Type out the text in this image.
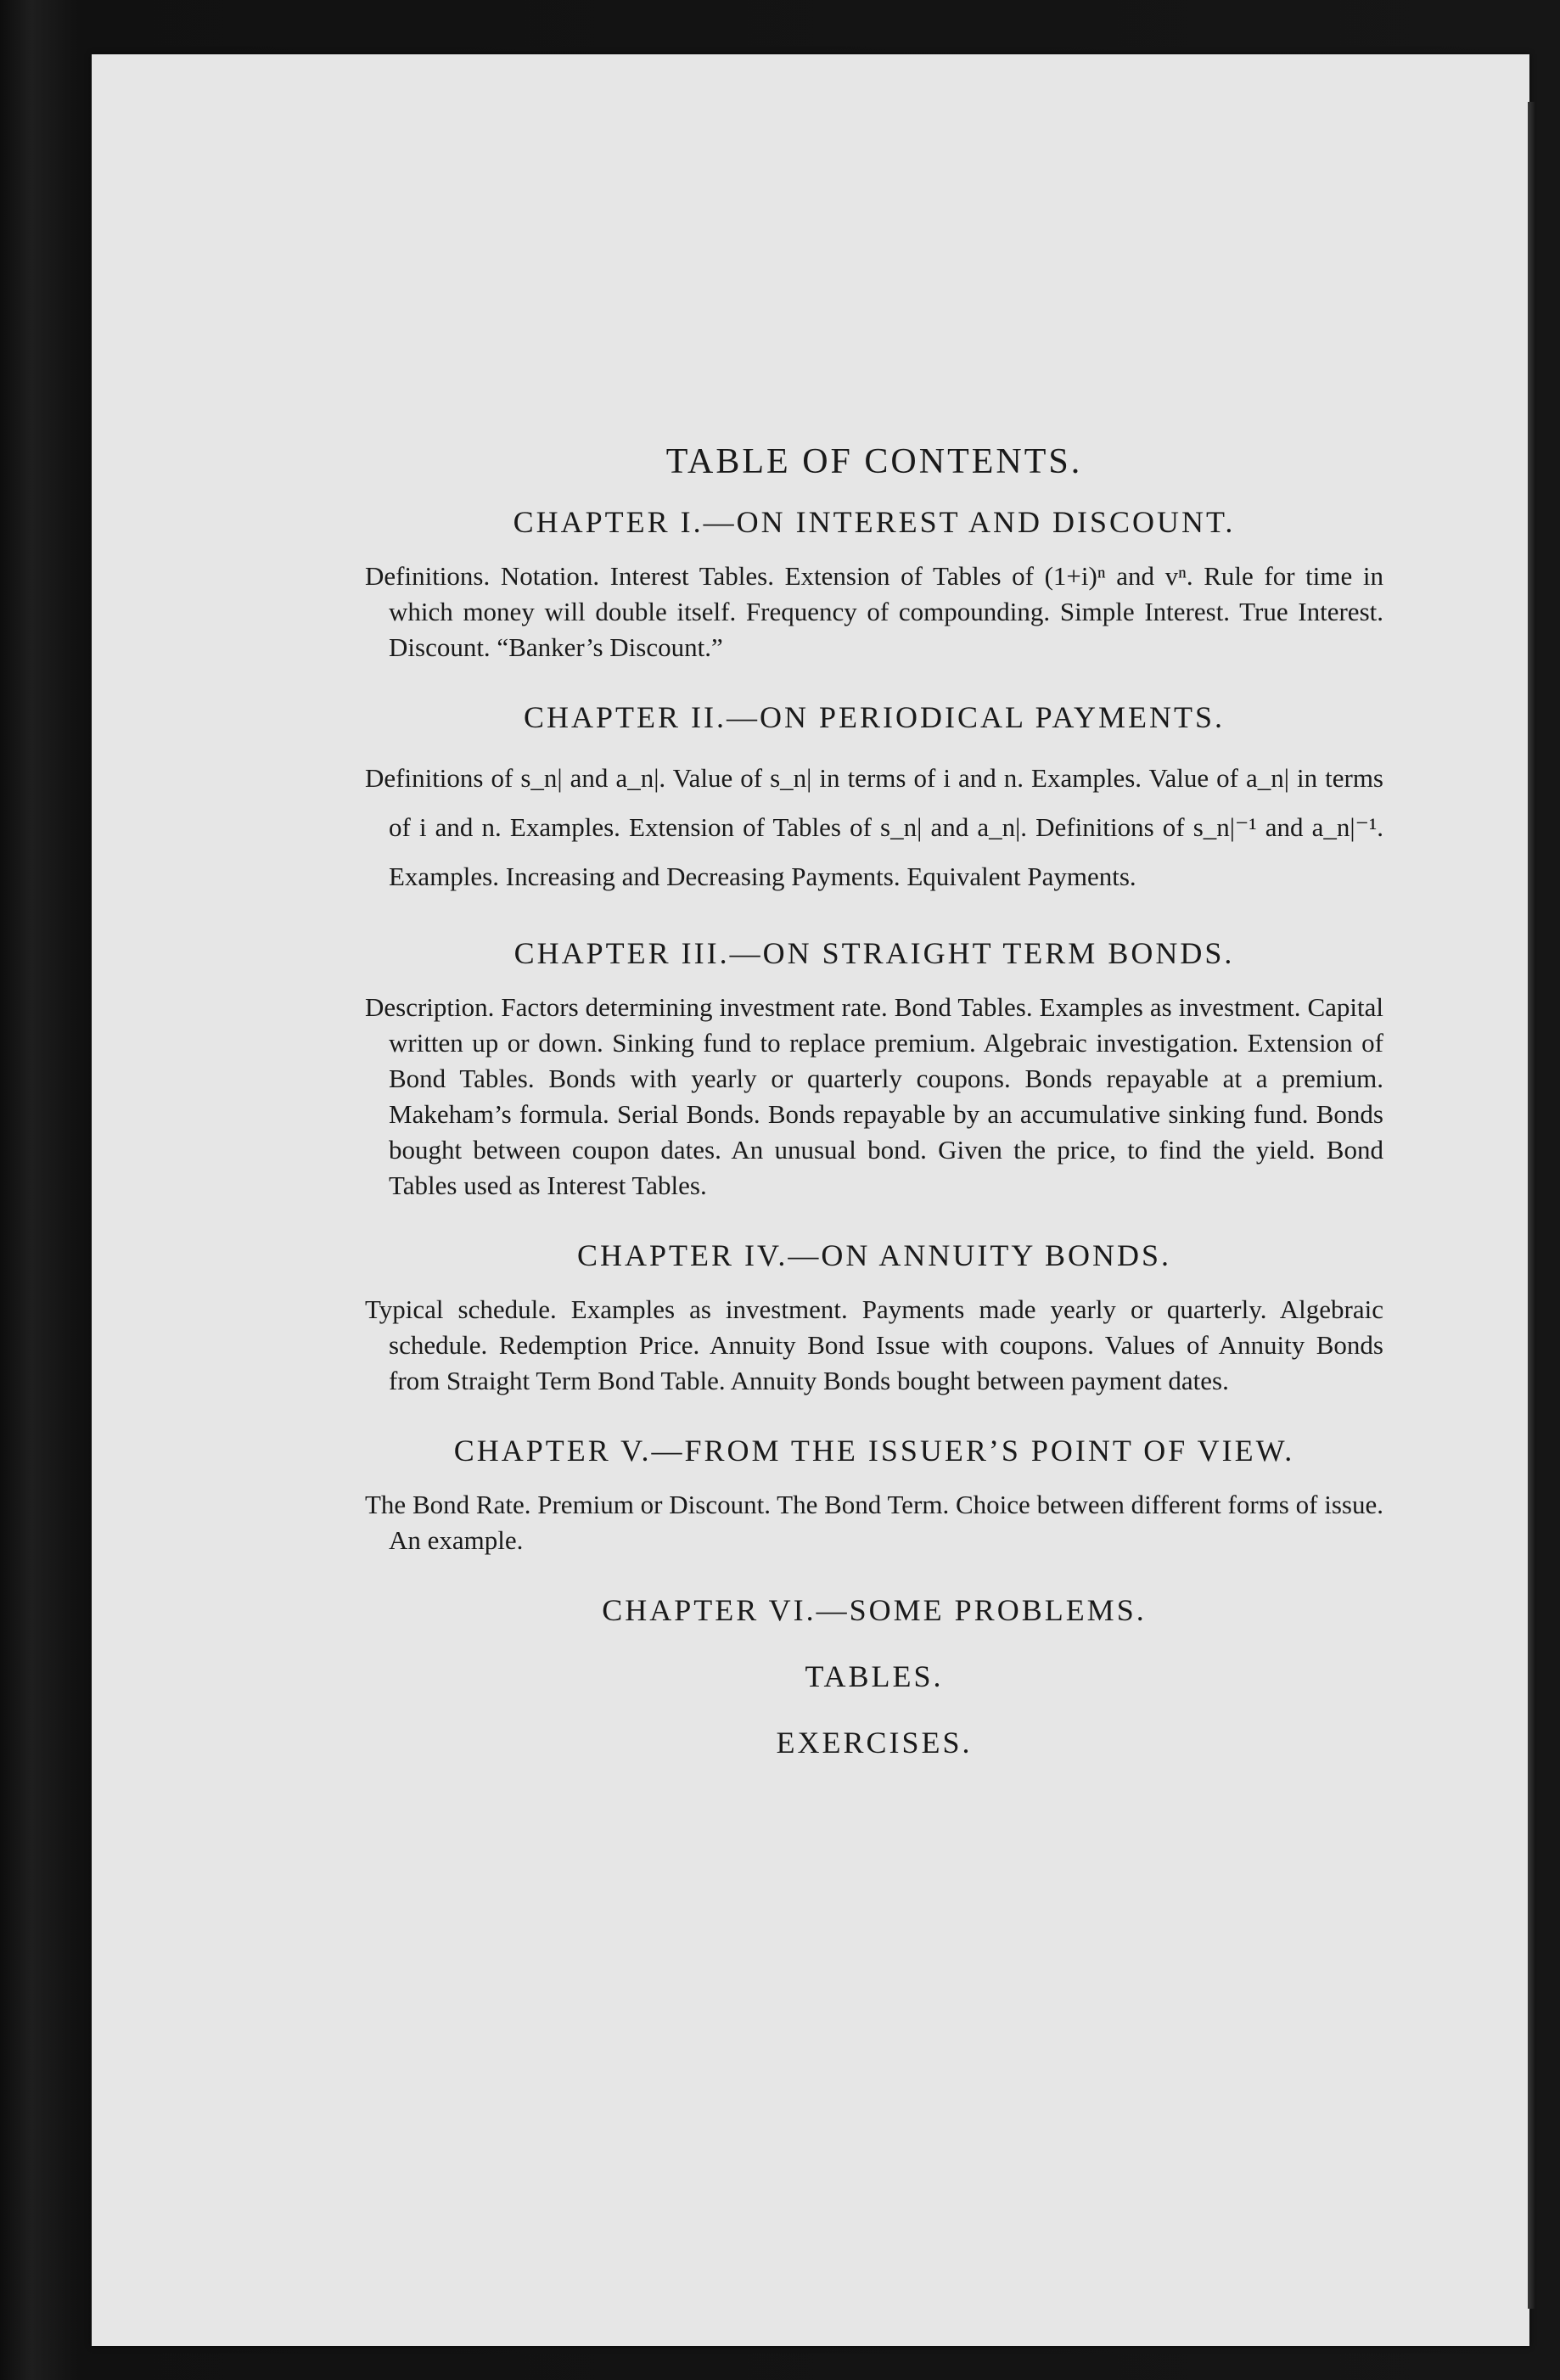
TABLE OF CONTENTS.
CHAPTER I.—ON INTEREST AND DISCOUNT.

Definitions. Notation. Interest Tables. Extension of Tables of (1+i)ⁿ and vⁿ. Rule for time in which money will double itself. Frequency of compounding. Simple Interest. True Interest. Discount. “Banker’s Discount.”

CHAPTER II.—ON PERIODICAL PAYMENTS.

Definitions of s_n| and a_n|. Value of s_n| in terms of i and n. Examples. Value of a_n| in terms of i and n. Examples. Extension of Tables of s_n| and a_n|. Definitions of s_n|⁻¹ and a_n|⁻¹. Examples. Increasing and Decreasing Payments. Equivalent Payments.

CHAPTER III.—ON STRAIGHT TERM BONDS.

Description. Factors determining investment rate. Bond Tables. Examples as investment. Capital written up or down. Sinking fund to replace premium. Algebraic investigation. Extension of Bond Tables. Bonds with yearly or quarterly coupons. Bonds repayable at a premium. Makeham’s formula. Serial Bonds. Bonds repayable by an accumulative sinking fund. Bonds bought between coupon dates. An unusual bond. Given the price, to find the yield. Bond Tables used as Interest Tables.

CHAPTER IV.—ON ANNUITY BONDS.

Typical schedule. Examples as investment. Payments made yearly or quarterly. Algebraic schedule. Redemption Price. Annuity Bond Issue with coupons. Values of Annuity Bonds from Straight Term Bond Table. Annuity Bonds bought between payment dates.

CHAPTER V.—FROM THE ISSUER’S POINT OF VIEW.

The Bond Rate. Premium or Discount. The Bond Term. Choice between different forms of issue. An example.

CHAPTER VI.—SOME PROBLEMS.
TABLES.
EXERCISES.
